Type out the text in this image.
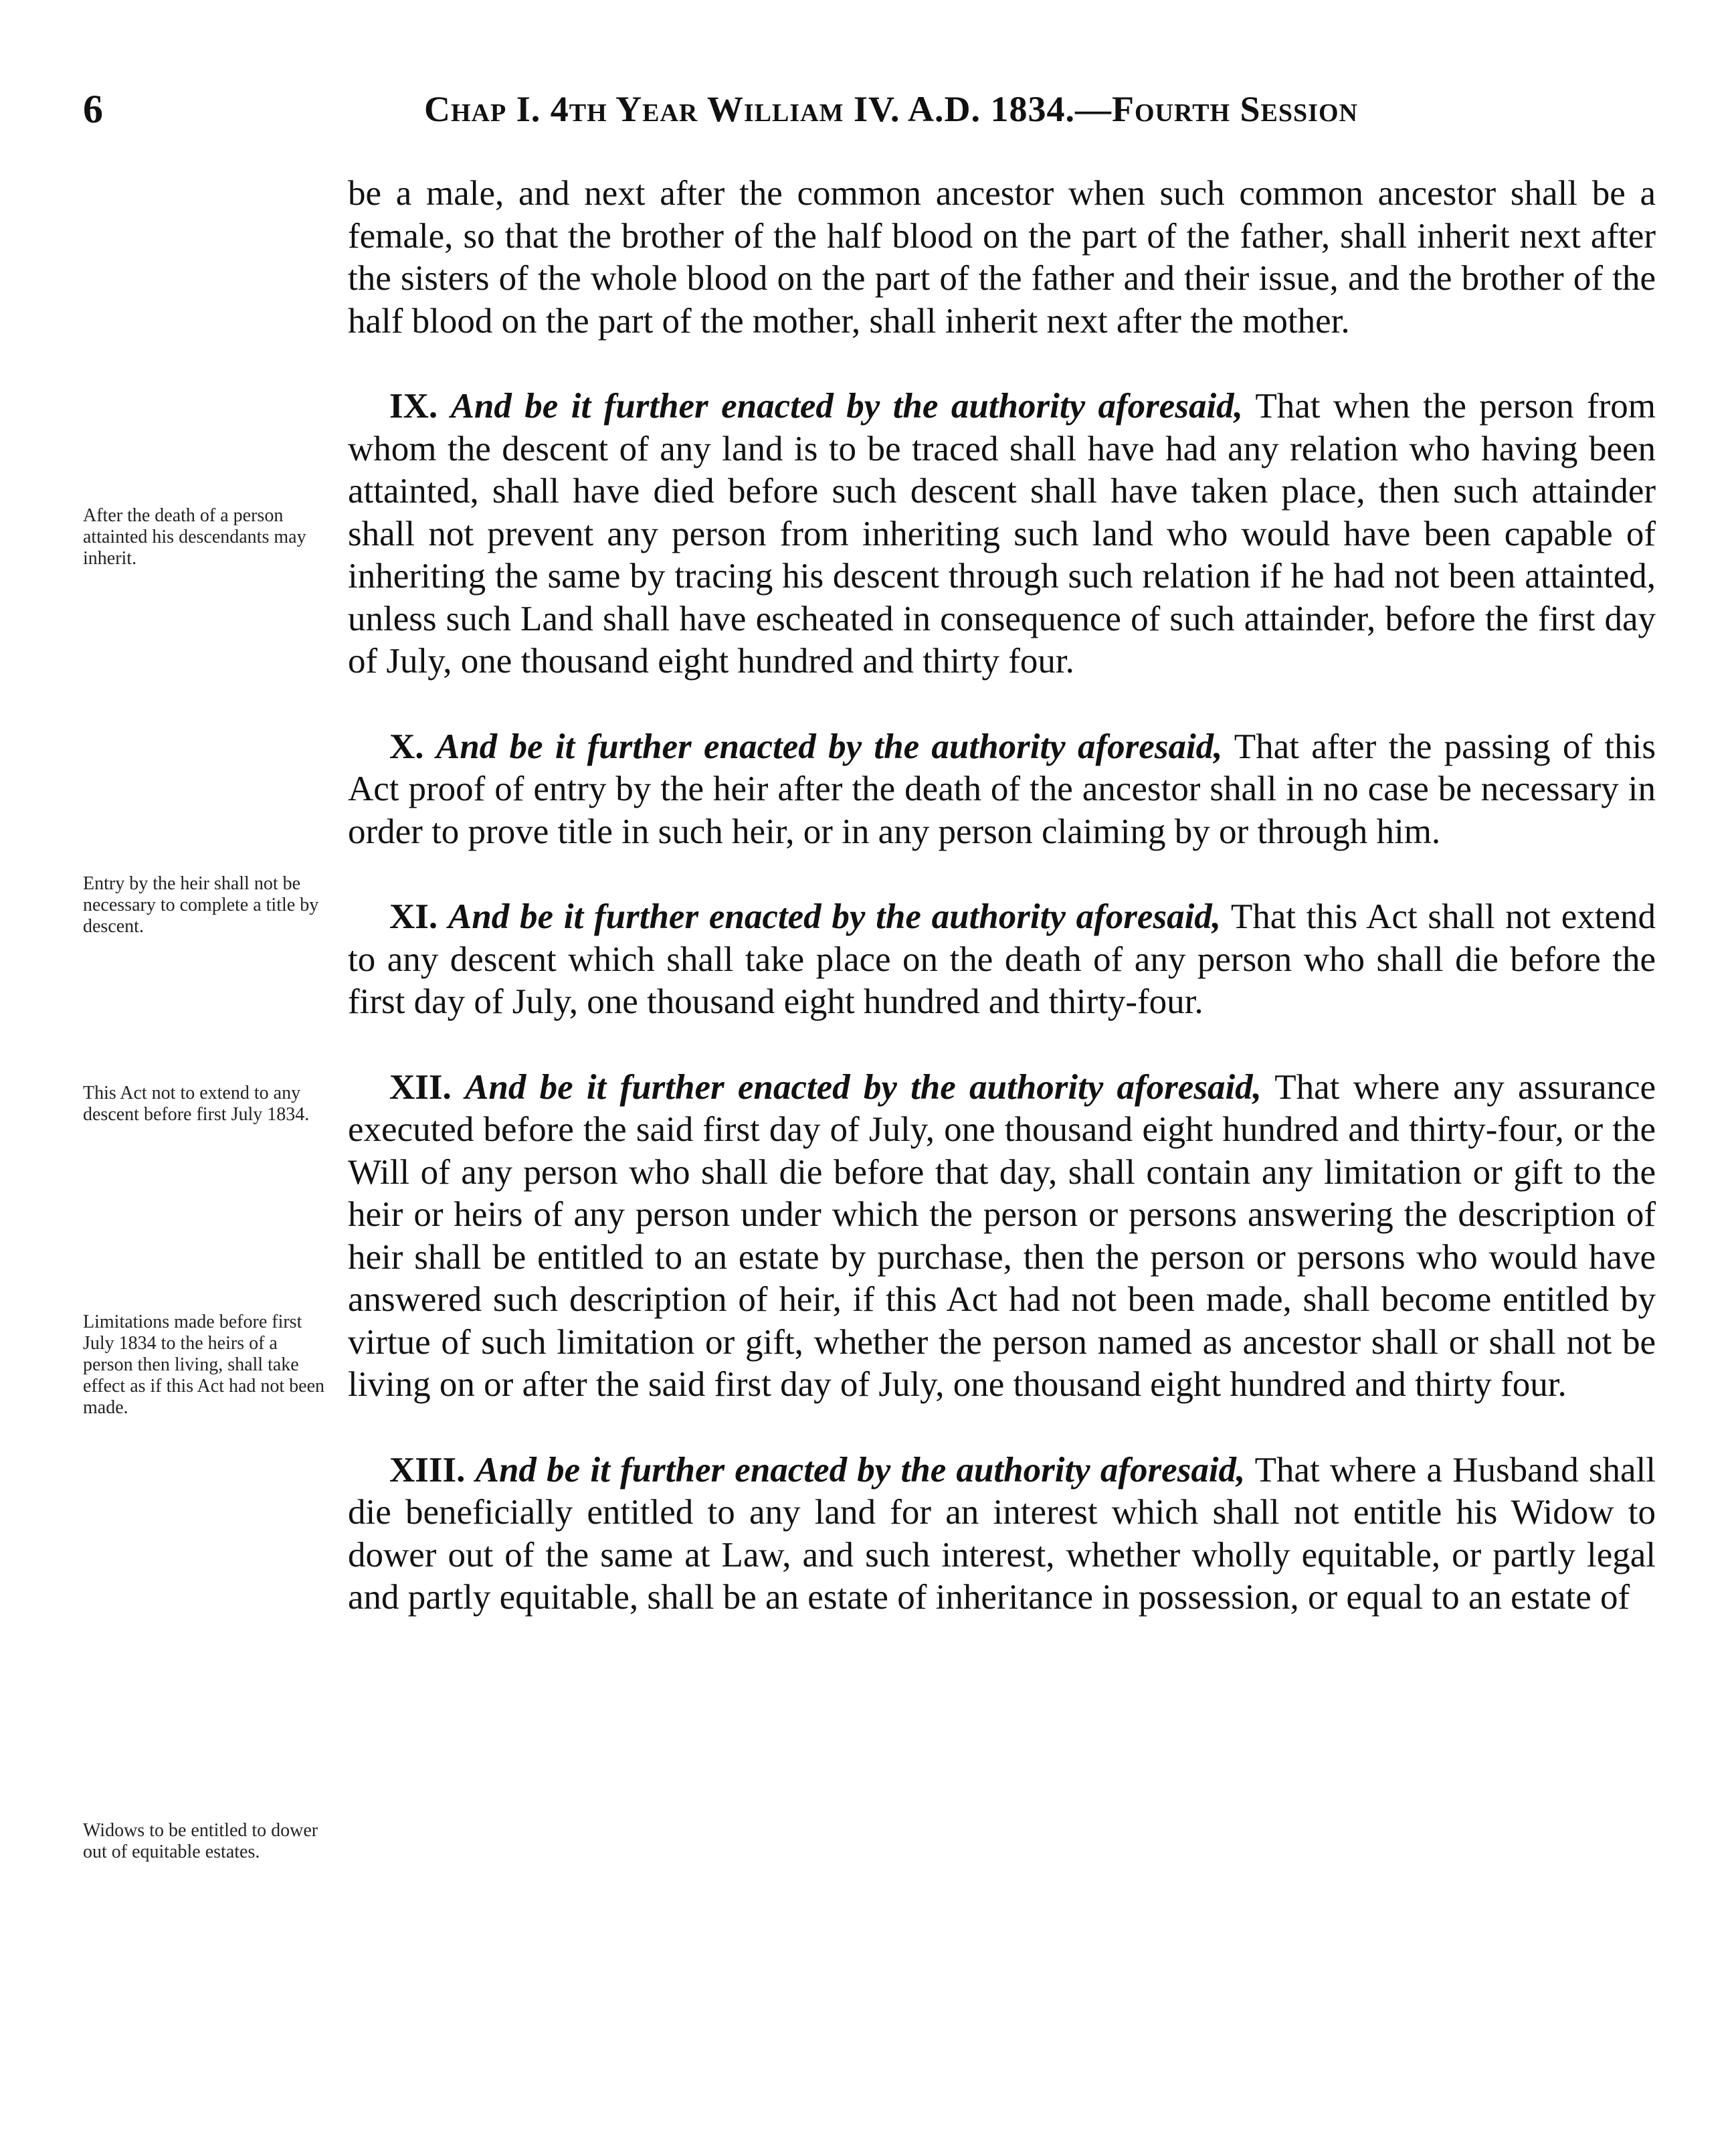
6	Chap I. 4th Year William IV. A.D. 1834.—Fourth Session
After the death of a person attainted his descendants may inherit.
Entry by the heir shall not be necessary to complete a title by descent.
This Act not to extend to any descent before first July 1834.
Limitations made before first July 1834 to the heirs of a person then living, shall take effect as if this Act had not been made.
Widows to be entitled to dower out of equitable estates.

be a male, and next after the common ancestor when such common ancestor shall be a female, so that the brother of the half blood on the part of the father, shall inherit next after the sisters of the whole blood on the part of the father and their issue, and the brother of the half blood on the part of the mother, shall inherit next after the mother.

IX. And be it further enacted by the authority aforesaid, That when the person from whom the descent of any land is to be traced shall have had any relation who having been attainted, shall have died before such descent shall have taken place, then such attainder shall not prevent any person from inheriting such land who would have been capable of inheriting the same by tracing his descent through such relation if he had not been attainted, unless such Land shall have escheated in consequence of such attainder, before the first day of July, one thousand eight hundred and thirty four.

X. And be it further enacted by the authority aforesaid, That after the passing of this Act proof of entry by the heir after the death of the ancestor shall in no case be necessary in order to prove title in such heir, or in any person claiming by or through him.

XI. And be it further enacted by the authority aforesaid, That this Act shall not extend to any descent which shall take place on the death of any person who shall die before the first day of July, one thousand eight hundred and thirty-four.

XII. And be it further enacted by the authority aforesaid, That where any assurance executed before the said first day of July, one thousand eight hundred and thirty-four, or the Will of any person who shall die before that day, shall contain any limitation or gift to the heir or heirs of any person under which the person or persons answering the description of heir shall be entitled to an estate by purchase, then the person or persons who would have answered such description of heir, if this Act had not been made, shall become entitled by virtue of such limitation or gift, whether the person named as ancestor shall or shall not be living on or after the said first day of July, one thousand eight hundred and thirty four.

XIII. And be it further enacted by the authority aforesaid, That where a Husband shall die beneficially entitled to any land for an interest which shall not entitle his Widow to dower out of the same at Law, and such interest, whether wholly equitable, or partly legal and partly equitable, shall be an estate of inheritance in possession, or equal to an estate of
